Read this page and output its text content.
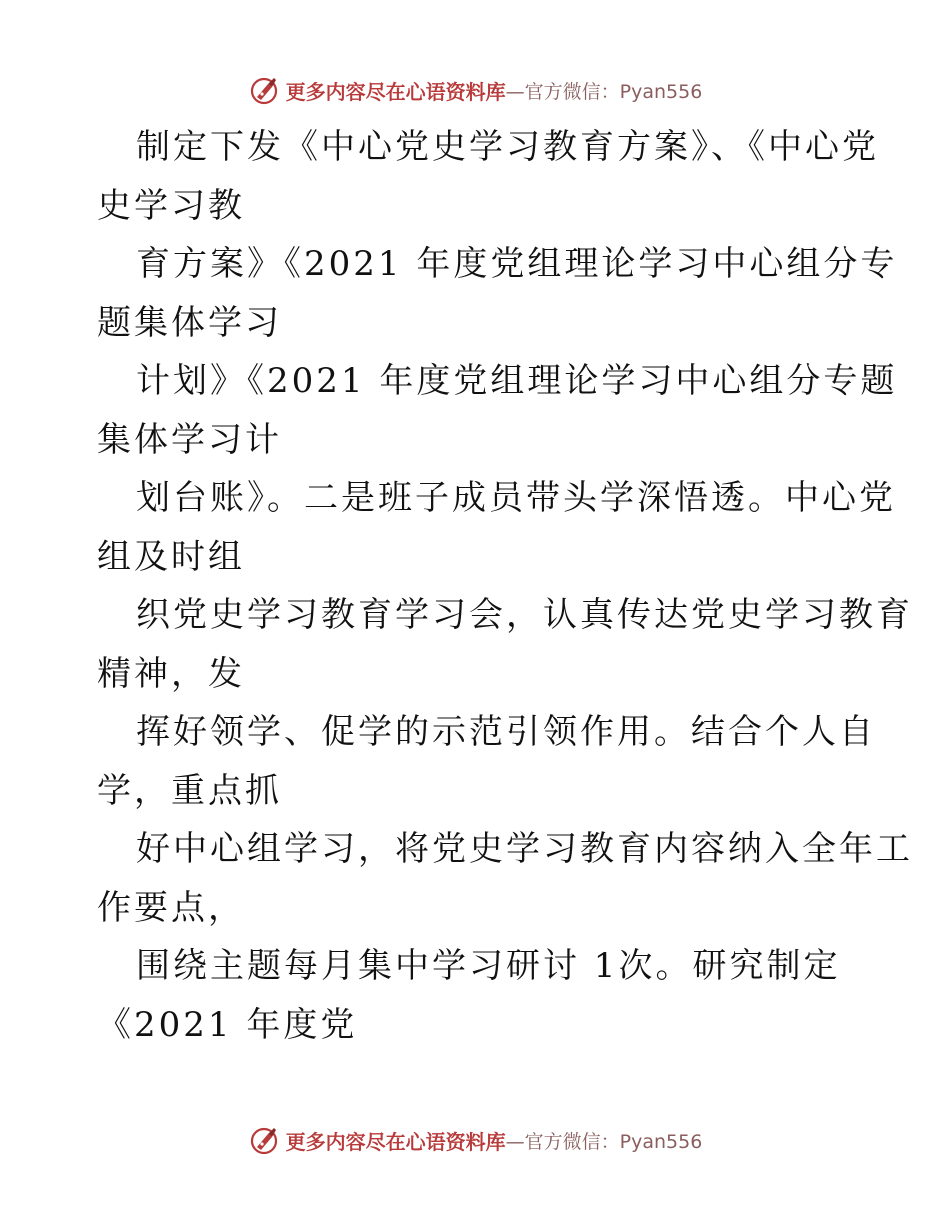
更多内容尽在心语资料库 —官方微信：Pyan556
制定下发《中心党史学习教育方案》、《中心党
史学习教
育方案》《2021 年度党组理论学习中心组分专
题集体学习
计划》《2021 年度党组理论学习中心组分专题
集体学习计
划台账》。二是班子成员带头学深悟透。中心党
组及时组
织党史学习教育学习会，认真传达党史学习教育
精神，发
挥好领学、促学的示范引领作用。结合个人自
学，重点抓
好中心组学习，将党史学习教育内容纳入全年工
作要点，
围绕主题每月集中学习研讨 1次。研究制定
《2021 年度党
更多内容尽在心语资料库 —官方微信：Pyan556
